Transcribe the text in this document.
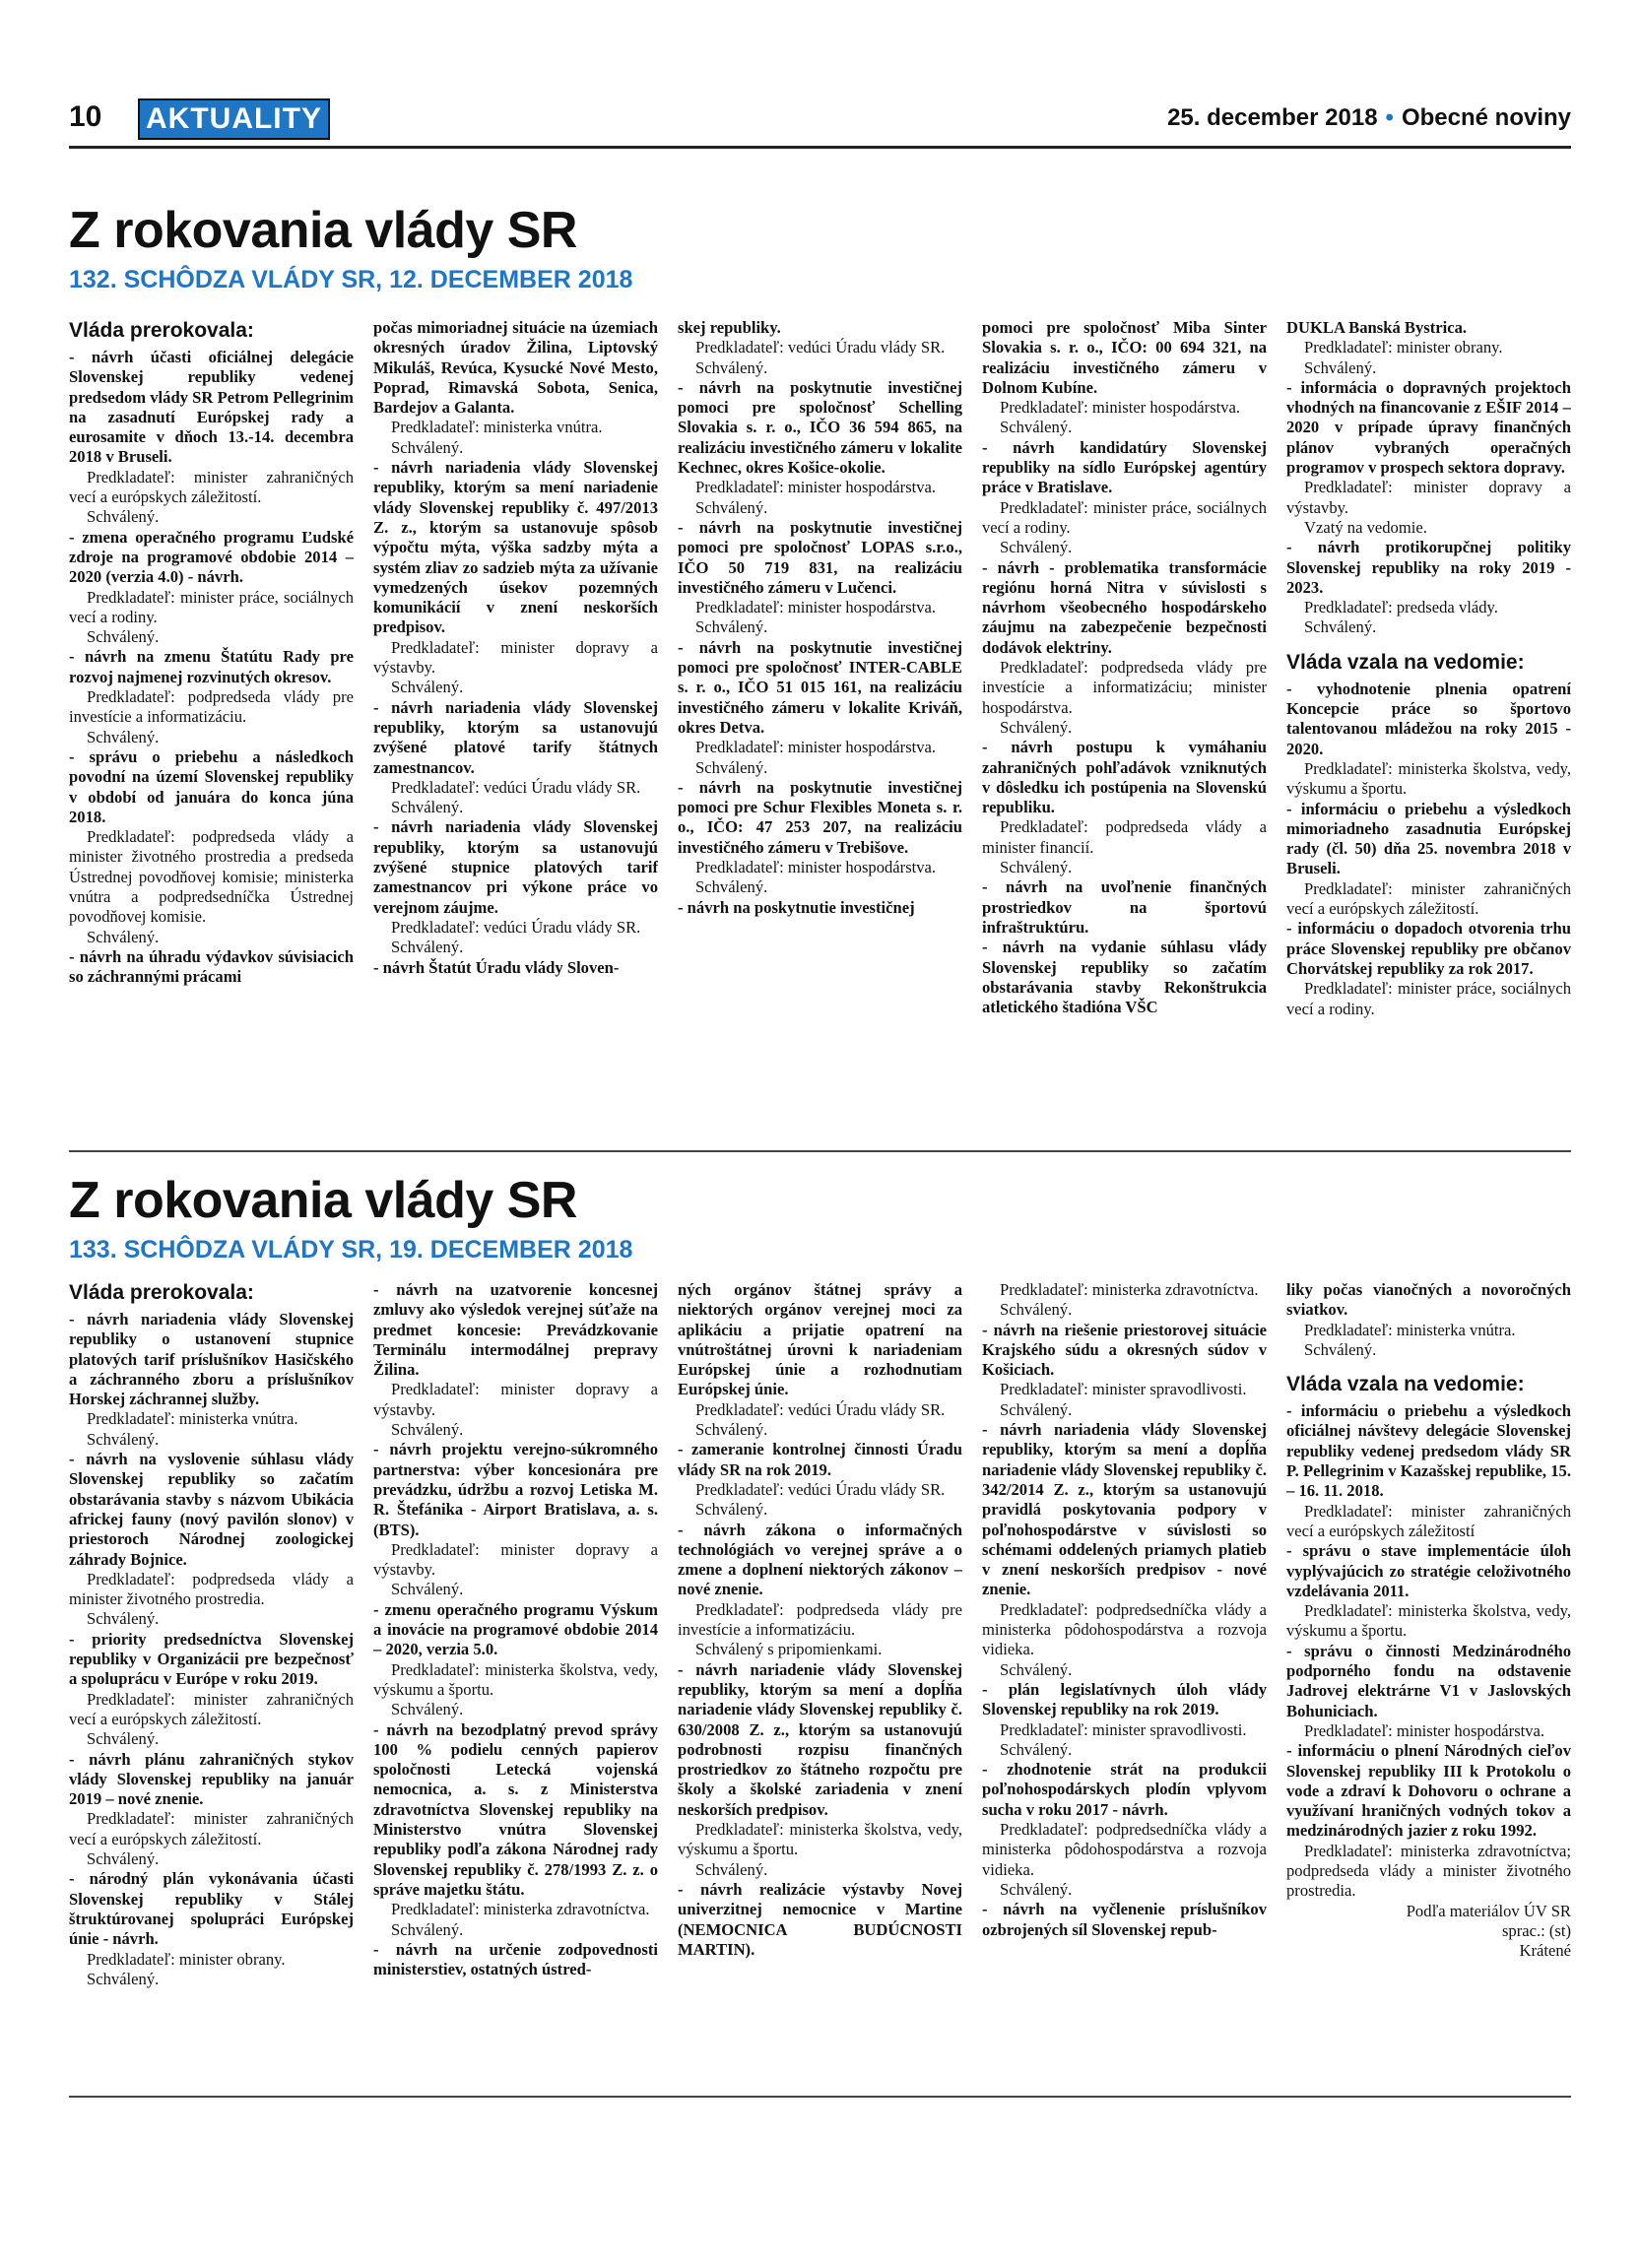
10 AKTUALITY	25. december 2018 • Obecné noviny
Z rokovania vlády SR
132. SCHÔDZA VLÁDY SR, 12. DECEMBER 2018

Vláda prerokovala:

- návrh účasti oficiálnej delegácie Slovenskej republiky vedenej predsedom vlády SR Petrom Pellegrinim na zasadnutí Európskej rady a eurosamite v dňoch 13.-14. decembra 2018 v Bruseli.

Predkladateľ: minister zahraničných vecí a európskych záležitostí.

Schválený.

- zmena operačného programu Ľudské zdroje na programové obdobie 2014 – 2020 (verzia 4.0) - návrh.

Predkladateľ: minister práce, sociálnych vecí a rodiny.

Schválený.

- návrh na zmenu Štatútu Rady pre rozvoj najmenej rozvinutých okresov.

Predkladateľ: podpredseda vlády pre investície a informatizáciu.

Schválený.

- správu o priebehu a následkoch povodní na území Slovenskej republiky v období od januára do konca júna 2018.

Predkladateľ: podpredseda vlády a minister životného prostredia a predseda Ústrednej povodňovej komisie; ministerka vnútra a podpredsedníčka Ústrednej povodňovej komisie.

Schválený.

- návrh na úhradu výdavkov súvisiacich so záchrannými prácami

počas mimoriadnej situácie na územiach okresných úradov Žilina, Liptovský Mikuláš, Revúca, Kysucké Nové Mesto, Poprad, Rimavská Sobota, Senica, Bardejov a Galanta.

Predkladateľ: ministerka vnútra.

Schválený.

- návrh nariadenia vlády Slovenskej republiky, ktorým sa mení nariadenie vlády Slovenskej republiky č. 497/2013 Z. z., ktorým sa ustanovuje spôsob výpočtu mýta, výška sadzby mýta a systém zliav zo sadzieb mýta za užívanie vymedzených úsekov pozemných komunikácií v znení neskorších predpisov.

Predkladateľ: minister dopravy a výstavby.

Schválený.

- návrh nariadenia vlády Slovenskej republiky, ktorým sa ustanovujú zvýšené platové tarify štátnych zamestnancov.

Predkladateľ: vedúci Úradu vlády SR.

Schválený.

- návrh nariadenia vlády Slovenskej republiky, ktorým sa ustanovujú zvýšené stupnice platových tarif zamestnancov pri výkone práce vo verejnom záujme.

Predkladateľ: vedúci Úradu vlády SR.

Schválený.

- návrh Štatút Úradu vlády Sloven-

skej republiky.

Predkladateľ: vedúci Úradu vlády SR.

Schválený.

- návrh na poskytnutie investičnej pomoci pre spoločnosť Schelling Slovakia s. r. o., IČO 36 594 865, na realizáciu investičného zámeru v lokalite Kechnec, okres Košice-okolie.

Predkladateľ: minister hospodárstva.

Schválený.

- návrh na poskytnutie investičnej pomoci pre spoločnosť LOPAS s.r.o., IČO 50 719 831, na realizáciu investičného zámeru v Lučenci.

Predkladateľ: minister hospodárstva.

Schválený.

- návrh na poskytnutie investičnej pomoci pre spoločnosť INTER-CABLE s. r. o., IČO 51 015 161, na realizáciu investičného zámeru v lokalite Kriváň, okres Detva.

Predkladateľ: minister hospodárstva.

Schválený.

- návrh na poskytnutie investičnej pomoci pre Schur Flexibles Moneta s. r. o., IČO: 47 253 207, na realizáciu investičného zámeru v Trebišove.

Predkladateľ: minister hospodárstva.

Schválený.

- návrh na poskytnutie investičnej

pomoci pre spoločnosť Miba Sinter Slovakia s. r. o., IČO: 00 694 321, na realizáciu investičného zámeru v Dolnom Kubíne.

Predkladateľ: minister hospodárstva.

Schválený.

- návrh kandidatúry Slovenskej republiky na sídlo Európskej agentúry práce v Bratislave.

Predkladateľ: minister práce, sociálnych vecí a rodiny.

Schválený.

- návrh - problematika transformácie regiónu horná Nitra v súvislosti s návrhom všeobecného hospodárskeho záujmu na zabezpečenie bezpečnosti dodávok elektriny.

Predkladateľ: podpredseda vlády pre investície a informatizáciu; minister hospodárstva.

Schválený.

- návrh postupu k vymáhaniu zahraničných pohľadávok vzniknutých v dôsledku ich postúpenia na Slovenskú republiku.

Predkladateľ: podpredseda vlády a minister financií.

Schválený.

- návrh na uvoľnenie finančných prostriedkov na športovú infraštruktúru.

- návrh na vydanie súhlasu vlády Slovenskej republiky so začatím obstarávania stavby Rekonštrukcia atletického štadióna VŠC

DUKLA Banská Bystrica.

Predkladateľ: minister obrany.

Schválený.

- informácia o dopravných projektoch vhodných na financovanie z EŠIF 2014 – 2020 v prípade úpravy finančných plánov vybraných operačných programov v prospech sektora dopravy.

Predkladateľ: minister dopravy a výstavby.

Vzatý na vedomie.

- návrh protikorupčnej politiky Slovenskej republiky na roky 2019 - 2023.

Predkladateľ: predseda vlády.

Schválený.

Vláda vzala na vedomie:

- vyhodnotenie plnenia opatrení Koncepcie práce so športovo talentovanou mládežou na roky 2015 - 2020.

Predkladateľ: ministerka školstva, vedy, výskumu a športu.

- informáciu o priebehu a výsledkoch mimoriadneho zasadnutia Európskej rady (čl. 50) dňa 25. novembra 2018 v Bruseli.

Predkladateľ: minister zahraničných vecí a európskych záležitostí.

- informáciu o dopadoch otvorenia trhu práce Slovenskej republiky pre občanov Chorvátskej republiky za rok 2017.

Predkladateľ: minister práce, sociálnych vecí a rodiny.

Z rokovania vlády SR
133. SCHÔDZA VLÁDY SR, 19. DECEMBER 2018

Vláda prerokovala:

- návrh nariadenia vlády Slovenskej republiky o ustanovení stupnice platových tarif príslušníkov Hasičského a záchranného zboru a príslušníkov Horskej záchrannej služby.

Predkladateľ: ministerka vnútra.

Schválený.

- návrh na vyslovenie súhlasu vlády Slovenskej republiky so začatím obstarávania stavby s názvom Ubikácia africkej fauny (nový pavilón slonov) v priestoroch Národnej zoologickej záhrady Bojnice.

Predkladateľ: podpredseda vlády a minister životného prostredia.

Schválený.

- priority predsedníctva Slovenskej republiky v Organizácii pre bezpečnosť a spoluprácu v Európe v roku 2019.

Predkladateľ: minister zahraničných vecí a európskych záležitostí.

Schválený.

- návrh plánu zahraničných stykov vlády Slovenskej republiky na január 2019 – nové znenie.

Predkladateľ: minister zahraničných vecí a európskych záležitostí.

Schválený.

- národný plán vykonávania účasti Slovenskej republiky v Stálej štruktúrovanej spolupráci Európskej únie - návrh.

Predkladateľ: minister obrany.

Schválený.

- návrh na uzatvorenie koncesnej zmluvy ako výsledok verejnej súťaže na predmet koncesie: Prevádzkovanie Terminálu intermodálnej prepravy Žilina.

Predkladateľ: minister dopravy a výstavby.

Schválený.

- návrh projektu verejno-súkromného partnerstva: výber koncesionára pre prevádzku, údržbu a rozvoj Letiska M. R. Štefánika - Airport Bratislava, a. s. (BTS).

Predkladateľ: minister dopravy a výstavby.

Schválený.

- zmenu operačného programu Výskum a inovácie na programové obdobie 2014 – 2020, verzia 5.0.

Predkladateľ: ministerka školstva, vedy, výskumu a športu.

Schválený.

- návrh na bezodplatný prevod správy 100 % podielu cenných papierov spoločnosti Letecká vojenská nemocnica, a. s. z Ministerstva zdravotníctva Slovenskej republiky na Ministerstvo vnútra Slovenskej republiky podľa zákona Národnej rady Slovenskej republiky č. 278/1993 Z. z. o správe majetku štátu.

Predkladateľ: ministerka zdravotníctva.

Schválený.

- návrh na určenie zodpovednosti ministerstiev, ostatných ústred-

ných orgánov štátnej správy a niektorých orgánov verejnej moci za aplikáciu a prijatie opatrení na vnútroštátnej úrovni k nariadeniam Európskej únie a rozhodnutiam Európskej únie.

Predkladateľ: vedúci Úradu vlády SR.

Schválený.

- zameranie kontrolnej činnosti Úradu vlády SR na rok 2019.

Predkladateľ: vedúci Úradu vlády SR.

Schválený.

- návrh zákona o informačných technológiách vo verejnej správe a o zmene a doplnení niektorých zákonov – nové znenie.

Predkladateľ: podpredseda vlády pre investície a informatizáciu.

Schválený s pripomienkami.

- návrh nariadenie vlády Slovenskej republiky, ktorým sa mení a dopĺňa nariadenie vlády Slovenskej republiky č. 630/2008 Z. z., ktorým sa ustanovujú podrobnosti rozpisu finančných prostriedkov zo štátneho rozpočtu pre školy a školské zariadenia v znení neskorších predpisov.

Predkladateľ: ministerka školstva, vedy, výskumu a športu.

Schválený.

- návrh realizácie výstavby Novej univerzitnej nemocnice v Martine (NEMOCNICA BUDÚCNOSTI MARTIN).

Predkladateľ: ministerka zdravotníctva.

Schválený.

- návrh na riešenie priestorovej situácie Krajského súdu a okresných súdov v Košiciach.

Predkladateľ: minister spravodlivosti.

Schválený.

- návrh nariadenia vlády Slovenskej republiky, ktorým sa mení a dopĺňa nariadenie vlády Slovenskej republiky č. 342/2014 Z. z., ktorým sa ustanovujú pravidlá poskytovania podpory v poľnohospodárstve v súvislosti so schémami oddelených priamych platieb v znení neskorších predpisov - nové znenie.

Predkladateľ: podpredsedníčka vlády a ministerka pôdohospodárstva a rozvoja vidieka.

Schválený.

- plán legislatívnych úloh vlády Slovenskej republiky na rok 2019.

Predkladateľ: minister spravodlivosti.

Schválený.

- zhodnotenie strát na produkcii poľnohospodárskych plodín vplyvom sucha v roku 2017 - návrh.

Predkladateľ: podpredsedníčka vlády a ministerka pôdohospodárstva a rozvoja vidieka.

Schválený.

- návrh na vyčlenenie príslušníkov ozbrojených síl Slovenskej repub-

liky počas vianočných a novoročných sviatkov.

Predkladateľ: ministerka vnútra.

Schválený.

Vláda vzala na vedomie:

- informáciu o priebehu a výsledkoch oficiálnej návštevy delegácie Slovenskej republiky vedenej predsedom vlády SR P. Pellegrinim v Kazašskej republike, 15. – 16. 11. 2018.

Predkladateľ: minister zahraničných vecí a európskych záležitostí

- správu o stave implementácie úloh vyplývajúcich zo stratégie celoživotného vzdelávania 2011.

Predkladateľ: ministerka školstva, vedy, výskumu a športu.

- správu o činnosti Medzinárodného podporného fondu na odstavenie Jadrovej elektrárne V1 v Jaslovských Bohuniciach.

Predkladateľ: minister hospodárstva.

- informáciu o plnení Národných cieľov Slovenskej republiky III k Protokolu o vode a zdraví k Dohovoru o ochrane a využívaní hraničných vodných tokov a medzinárodných jazier z roku 1992.

Predkladateľ: ministerka zdravotníctva; podpredseda vlády a minister životného prostredia.

Podľa materiálov ÚV SR

sprac.: (st)

Krátené
